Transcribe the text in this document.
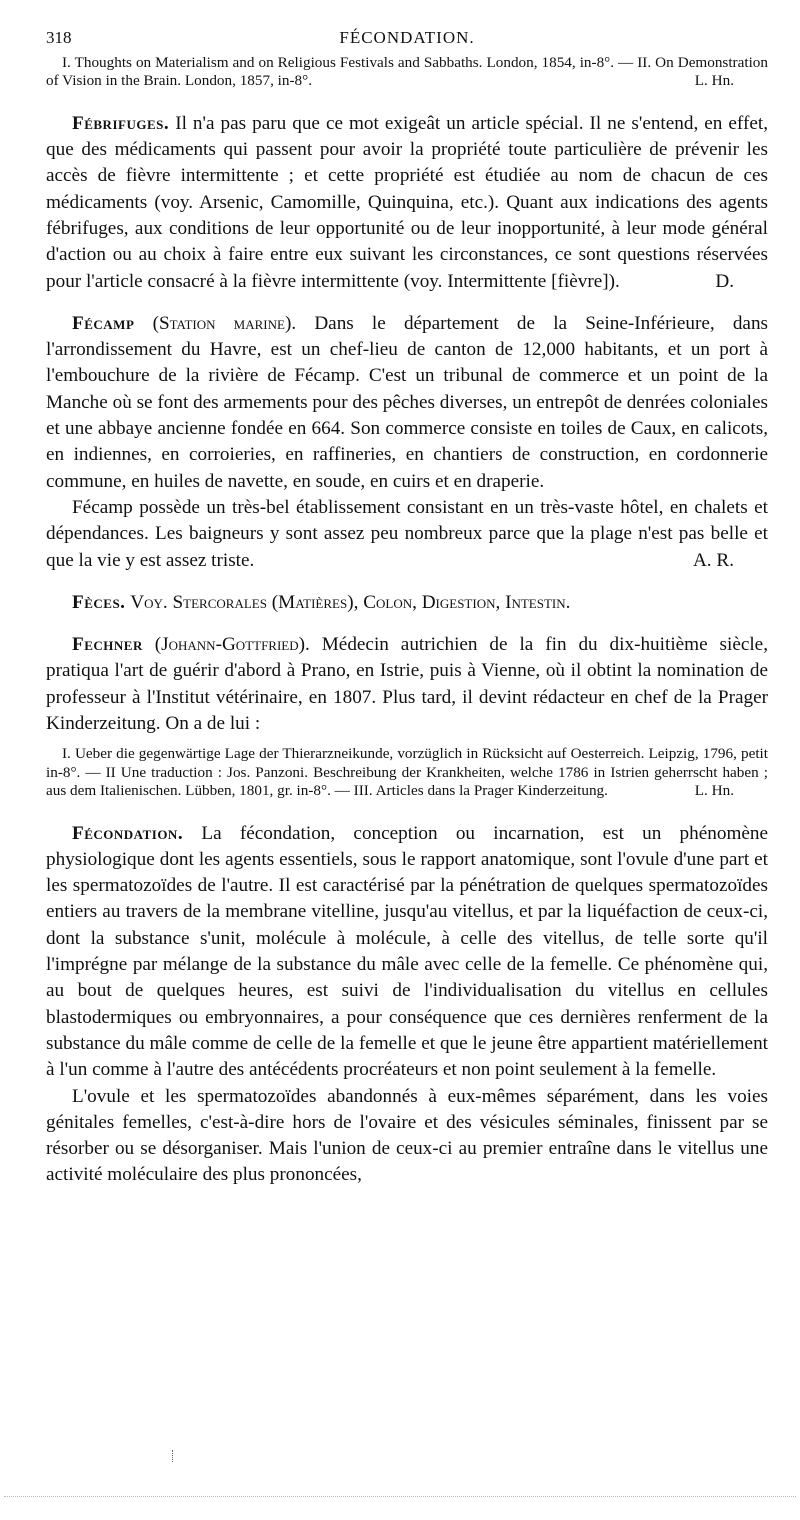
318	FÉCONDATION.
I. Thoughts on Materialism and on Religious Festivals and Sabbaths. London, 1854, in-8°. — II. On Demonstration of Vision in the Brain. London, 1857, in-8°.	L. Hn.

Fébrifuges. Il n'a pas paru que ce mot exigeât un article spécial. Il ne s'entend, en effet, que des médicaments qui passent pour avoir la propriété toute particulière de prévenir les accès de fièvre intermittente ; et cette propriété est étudiée au nom de chacun de ces médicaments (voy. Arsenic, Camomille, Quinquina, etc.). Quant aux indications des agents fébrifuges, aux conditions de leur opportunité ou de leur inopportunité, à leur mode général d'action ou au choix à faire entre eux suivant les circonstances, ce sont questions réservées pour l'article consacré à la fièvre intermittente (voy. Intermittente [fièvre]).	D.

Fécamp (Station marine). Dans le département de la Seine-Inférieure, dans l'arrondissement du Havre, est un chef-lieu de canton de 12,000 habitants, et un port à l'embouchure de la rivière de Fécamp. C'est un tribunal de commerce et un point de la Manche où se font des armements pour des pêches diverses, un entrepôt de denrées coloniales et une abbaye ancienne fondée en 664. Son commerce consiste en toiles de Caux, en calicots, en indiennes, en corroieries, en raffineries, en chantiers de construction, en cordonnerie commune, en huiles de navette, en soude, en cuirs et en draperie.

Fécamp possède un très-bel établissement consistant en un très-vaste hôtel, en chalets et dépendances. Les baigneurs y sont assez peu nombreux parce que la plage n'est pas belle et que la vie y est assez triste.	A. R.

Fèces. Voy. Stercorales (Matières), Colon, Digestion, Intestin.

Fechner (Johann-Gottfried). Médecin autrichien de la fin du dix-huitième siècle, pratiqua l'art de guérir d'abord à Prano, en Istrie, puis à Vienne, où il obtint la nomination de professeur à l'Institut vétérinaire, en 1807. Plus tard, il devint rédacteur en chef de la Prager Kinderzeitung. On a de lui :

I. Ueber die gegenwärtige Lage der Thierarzneikunde, vorzüglich in Rücksicht auf Oesterreich. Leipzig, 1796, petit in-8°. — II Une traduction : Jos. Panzoni. Beschreibung der Krankheiten, welche 1786 in Istrien geherrscht haben ; aus dem Italienischen. Lübben, 1801, gr. in-8°. — III. Articles dans la Prager Kinderzeitung.	L. Hn.

Fécondation. La fécondation, conception ou incarnation, est un phénomène physiologique dont les agents essentiels, sous le rapport anatomique, sont l'ovule d'une part et les spermatozoïdes de l'autre. Il est caractérisé par la pénétration de quelques spermatozoïdes entiers au travers de la membrane vitelline, jusqu'au vitellus, et par la liquéfaction de ceux-ci, dont la substance s'unit, molécule à molécule, à celle des vitellus, de telle sorte qu'il l'imprégne par mélange de la substance du mâle avec celle de la femelle. Ce phénomène qui, au bout de quelques heures, est suivi de l'individualisation du vitellus en cellules blastodermiques ou embryonnaires, a pour conséquence que ces dernières renferment de la substance du mâle comme de celle de la femelle et que le jeune être appartient matériellement à l'un comme à l'autre des antécédents procréateurs et non point seulement à la femelle.

L'ovule et les spermatozoïdes abandonnés à eux-mêmes séparément, dans les voies génitales femelles, c'est-à-dire hors de l'ovaire et des vésicules séminales, finissent par se résorber ou se désorganiser. Mais l'union de ceux-ci au premier entraîne dans le vitellus une activité moléculaire des plus prononcées,
